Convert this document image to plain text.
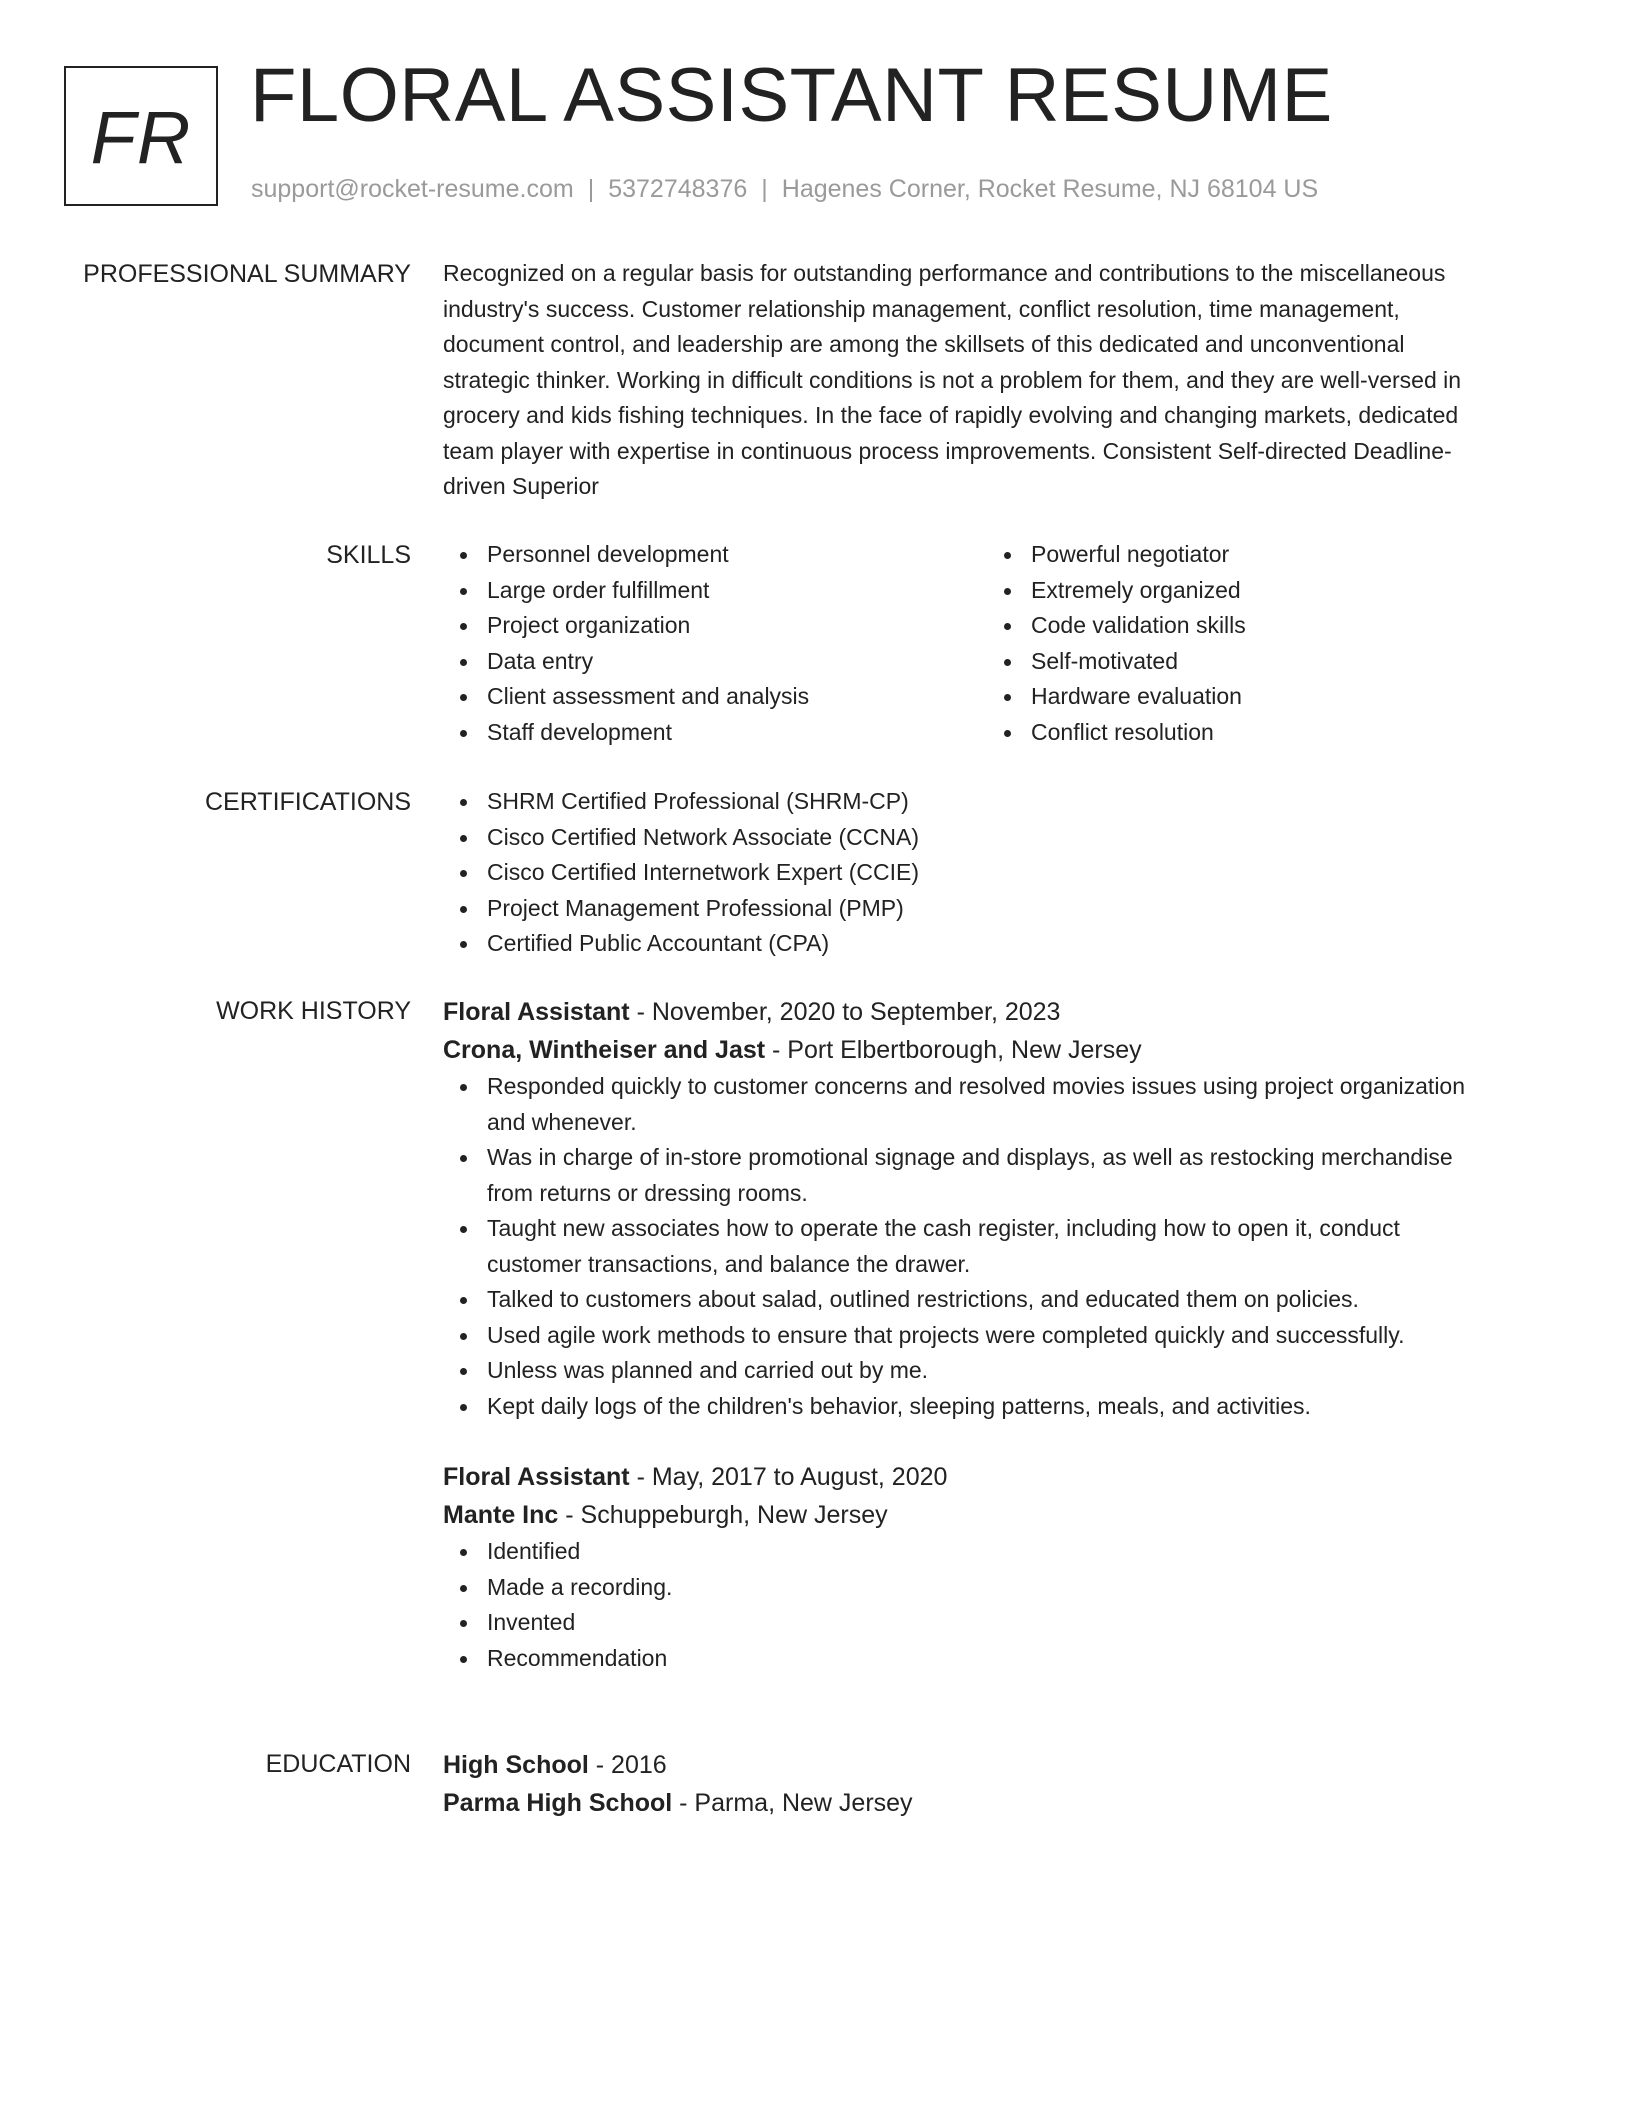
FR FLORAL ASSISTANT RESUME
support@rocket-resume.com | 5372748376 | Hagenes Corner, Rocket Resume, NJ 68104 US
PROFESSIONAL SUMMARY Recognized on a regular basis for outstanding performance and contributions to the miscellaneous
industry's success. Customer relationship management, conflict resolution, time management,
document control, and leadership are among the skillsets of this dedicated and unconventional
strategic thinker. Working in difficult conditions is not a problem for them, and they are well-versed in
grocery and kids fishing techniques. In the face of rapidly evolving and changing markets, dedicated
team player with expertise in continuous process improvements. Consistent Self-directed Deadline-
driven Superior
SKILLS	Personnel development
Large order fulfillment
Project organization
Data entry
Client assessment and analysis
Staff development
Powerful negotiator
Extremely organized
Code validation skills
Self-motivated
Hardware evaluation
Conflict resolution
CERTIFICATIONS	SHRM Certified Professional (SHRM-CP)
Cisco Certified Network Associate (CCNA)
Cisco Certified Internetwork Expert (CCIE)
Project Management Professional (PMP)
Certified Public Accountant (CPA)
WORK HISTORY Floral Assistant - November, 2020 to September, 2023
Crona, Wintheiser and Jast - Port Elbertborough, New Jersey
Responded quickly to customer concerns and resolved movies issues using project organization
and whenever.
Was in charge of in-store promotional signage and displays, as well as restocking merchandise
from returns or dressing rooms.
Taught new associates how to operate the cash register, including how to open it, conduct
customer transactions, and balance the drawer.
Talked to customers about salad, outlined restrictions, and educated them on policies.
Used agile work methods to ensure that projects were completed quickly and successfully.
Unless was planned and carried out by me.
Kept daily logs of the children's behavior, sleeping patterns, meals, and activities.
Floral Assistant - May, 2017 to August, 2020
Mante Inc - Schuppeburgh, New Jersey
Identified
Made a recording.
Invented
Recommendation
EDUCATION High School - 2016
Parma High School - Parma, New Jersey
